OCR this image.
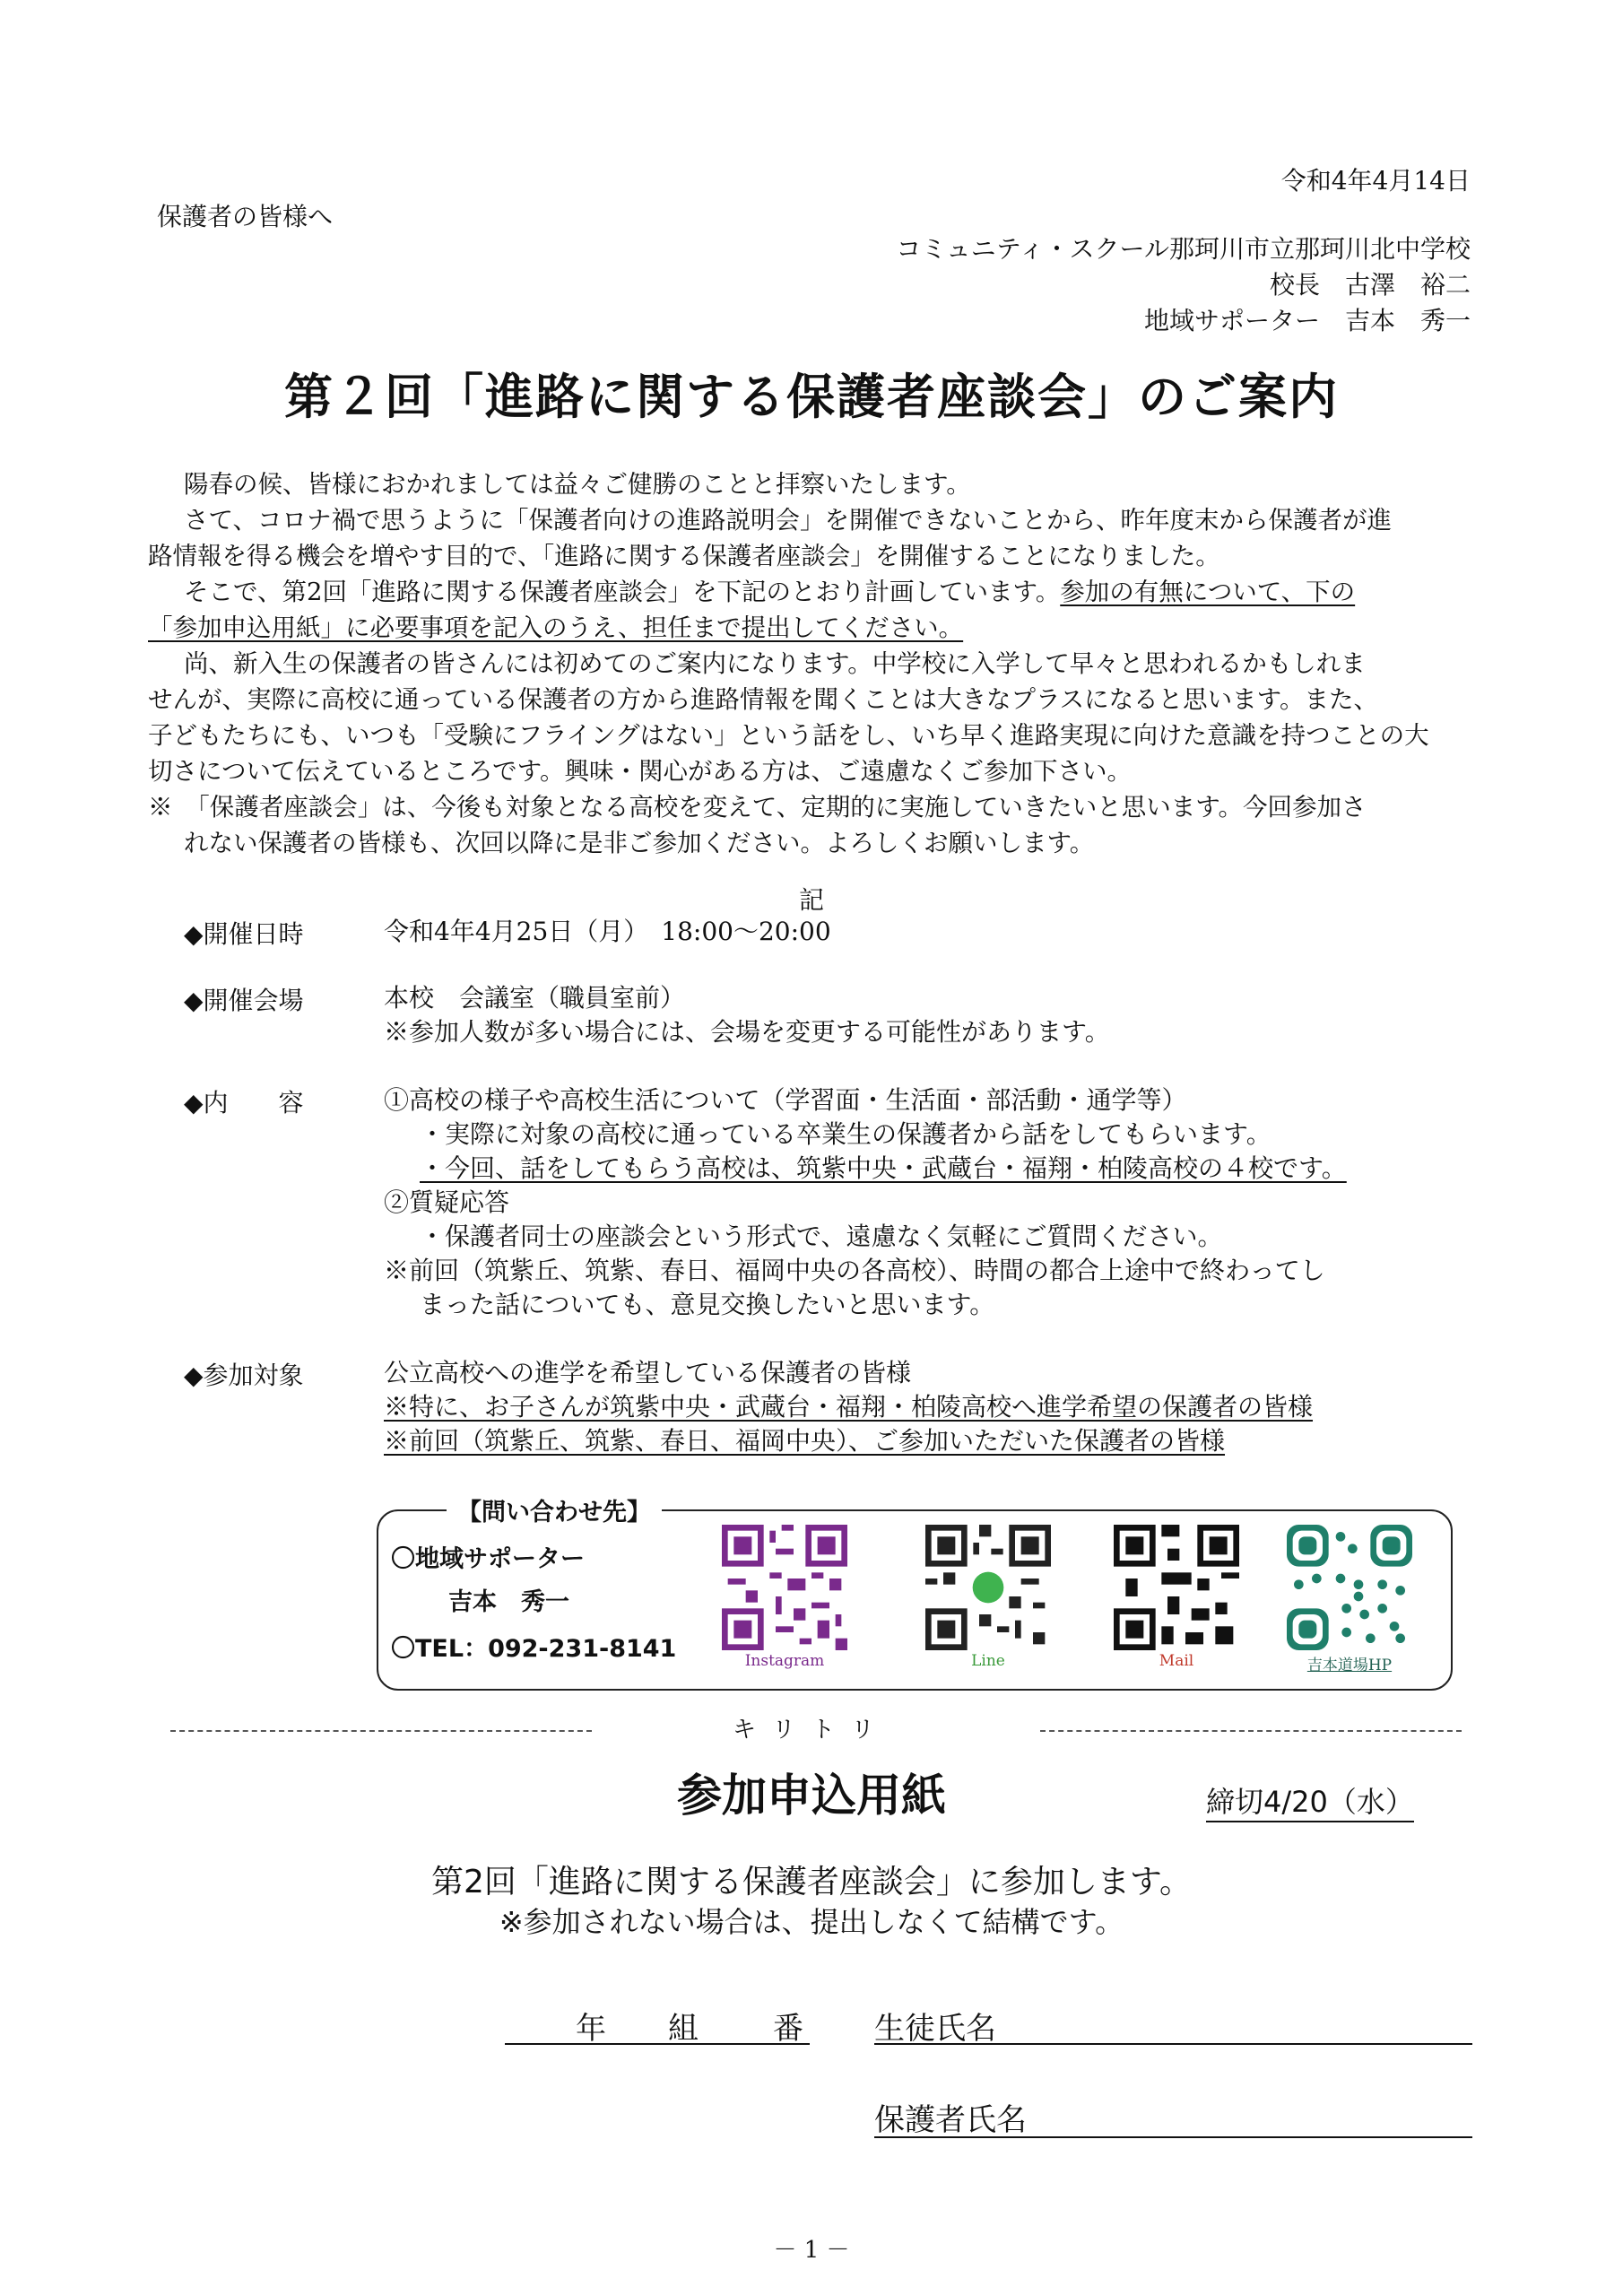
令和4年4月14日
保護者の皆様へ
コミュニティ・スクール那珂川市立那珂川北中学校
校長　古澤　裕二
地域サポーター　吉本　秀一
第２回「進路に関する保護者座談会」のご案内

陽春の候、皆様におかれましては益々ご健勝のことと拝察いたします。

さて、コロナ禍で思うように「保護者向けの進路説明会」を開催できないことから、昨年度末から保護者が進

路情報を得る機会を増やす目的で、「進路に関する保護者座談会」を開催することになりました。

そこで、第2回「進路に関する保護者座談会」を下記のとおり計画しています。参加の有無について、下の

「参加申込用紙」に必要事項を記入のうえ、担任まで提出してください。

尚、新入生の保護者の皆さんには初めてのご案内になります。中学校に入学して早々と思われるかもしれま

せんが、実際に高校に通っている保護者の方から進路情報を聞くことは大きなプラスになると思います。また、

子どもたちにも、いつも「受験にフライングはない」という話をし、いち早く進路実現に向けた意識を持つことの大

切さについて伝えているところです。興味・関心がある方は、ご遠慮なくご参加下さい。

※　「保護者座談会」は、今後も対象となる高校を変えて、定期的に実施していきたいと思います。今回参加さ

れない保護者の皆様も、次回以降に是非ご参加ください。よろしくお願いします。

記
◆開催日時	令和4年4月25日（月）　18:00～20:00
◆開催会場	本校　会議室（職員室前）
※参加人数が多い場合には、会場を変更する可能性があります。
◆内　　容	①高校の様子や高校生活について（学習面・生活面・部活動・通学等）
・実際に対象の高校に通っている卒業生の保護者から話をしてもらいます。
・今回、話をしてもらう高校は、筑紫中央・武蔵台・福翔・柏陵高校の４校です。
②質疑応答
・保護者同士の座談会という形式で、遠慮なく気軽にご質問ください。
※前回（筑紫丘、筑紫、春日、福岡中央の各高校）、時間の都合上途中で終わってし
まった話についても、意見交換したいと思います。
◆参加対象	公立高校への進学を希望している保護者の皆様
※特に、お子さんが筑紫中央・武蔵台・福翔・柏陵高校へ進学希望の保護者の皆様
※前回（筑紫丘、筑紫、春日、福岡中央）、ご参加いただいた保護者の皆様
【問い合わせ先】
〇地域サポーター
吉本　秀一
〇TEL：092-231-8141	Instagram	Line	Mail	吉本道場HP
キリトリ
参加申込用紙	締切4/20（水）
第2回「進路に関する保護者座談会」に参加します。
※参加されない場合は、提出しなくて結構です。
年 組 番 生徒氏名
保護者氏名
－ 1 －
